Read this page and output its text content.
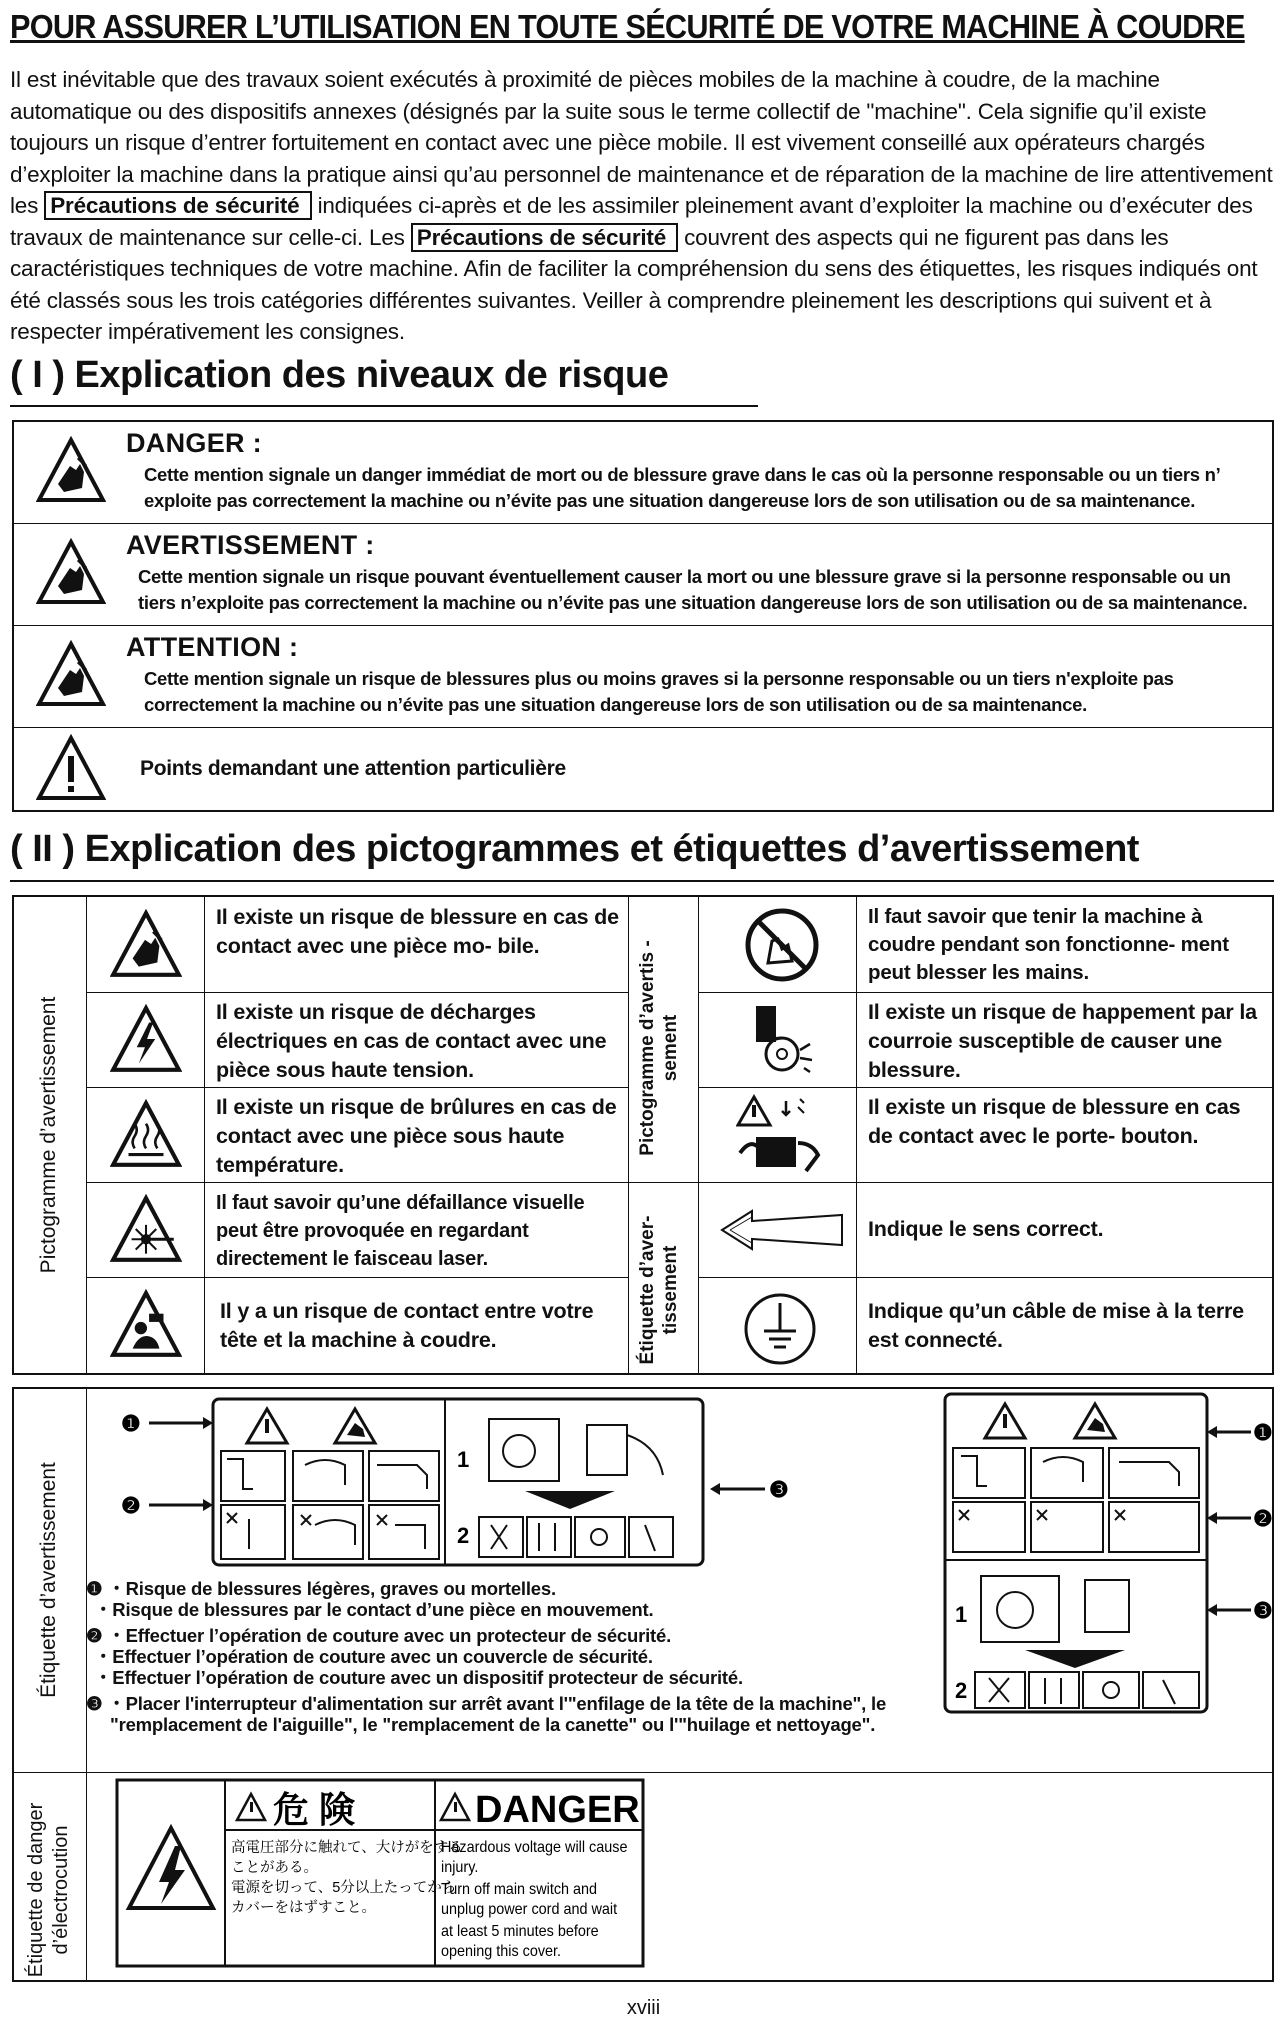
POUR ASSURER L’UTILISATION EN TOUTE SÉCURITÉ DE VOTRE MACHINE À COUDRE

Il est inévitable que des travaux soient exécutés à proximité de pièces mobiles de la machine à coudre, de la machine automatique ou des dispositifs annexes (désignés par la suite sous le terme collectif de "machine". Cela signifie qu’il existe toujours un risque d’entrer fortuitement en contact avec une pièce mobile. Il est vivement conseillé aux opérateurs chargés d’exploiter la machine dans la pratique ainsi qu’au personnel de maintenance et de réparation de la machine de lire attentivement les Précautions de sécurité indiquées ci-après et de les assimiler pleinement avant d’exploiter la machine ou d’exécuter des travaux de maintenance sur celle-ci. Les Précautions de sécurité couvrent des aspects qui ne figurent pas dans les caractéristiques techniques de votre machine. Afin de faciliter la compréhension du sens des étiquettes, les risques indiqués ont été classés sous les trois catégories différentes suivantes. Veiller à comprendre pleinement les descriptions qui suivent et à respecter impérativement les consignes.

( I ) Explication des niveaux de risque
DANGER :
Cette mention signale un danger immédiat de mort ou de blessure grave dans le cas où la personne responsable ou un tiers n’ exploite pas correctement la machine ou n’évite pas une situation dangereuse lors de son utilisation ou de sa maintenance.
AVERTISSEMENT :
Cette mention signale un risque pouvant éventuellement causer la mort ou une blessure grave si la personne responsable ou un tiers n’exploite pas correctement la machine ou n’évite pas une situation dangereuse lors de son utilisation ou de sa maintenance.
ATTENTION :
Cette mention signale un risque de blessures plus ou moins graves si la personne responsable ou un tiers n'exploite pas correctement la machine ou n’évite pas une situation dangereuse lors de son utilisation ou de sa maintenance.
Points demandant une attention particulière
( II ) Explication des pictogrammes et étiquettes d’avertissement
Pictogramme d’avertissement
Il existe un risque de blessure en cas de contact avec une pièce mo- bile.
Il existe un risque de décharges électriques en cas de contact avec une pièce sous haute tension.
Il existe un risque de brûlures en cas de contact avec une pièce sous haute température.
Il faut savoir qu’une défaillance visuelle peut être provoquée en regardant directement le faisceau laser.
Il y a un risque de contact entre votre tête et la machine à coudre.
Pictogramme d’avertis - sement
Étiquette d’aver- tissement
Il faut savoir que tenir la machine à coudre pendant son fonctionne- ment peut blesser les mains.
Il existe un risque de happement par la courroie susceptible de causer une blessure.
Il existe un risque de blessure en cas de contact avec le porte- bouton.
Indique le sens correct.
Indique qu’un câble de mise à la terre est connecté.
Étiquette d’avertissement
Étiquette de danger d’électrocution
❶
❷
❸
1
2
1
2
❶
❷
❸

❶ ・Risque de blessures légères, graves ou mortelles.

・Risque de blessures par le contact d’une pièce en mouvement.

❷ ・Effectuer l’opération de couture avec un protecteur de sécurité.

・Effectuer l’opération de couture avec un couvercle de sécurité.

・Effectuer l’opération de couture avec un dispositif protecteur de sécurité.

❸ ・Placer l'interrupteur d'alimentation sur arrêt avant l'"enfilage de la tête de la machine", le "remplacement de l'aiguille", le "remplacement de la canette" ou l'"huilage et nettoyage".

危 険	DANGER
高電圧部分に触れて、大けがをする
ことがある。
電源を切って、5分以上たってから
カバーをはずすこと。
Hazardous voltage will cause
injury.
Turn off main switch and
unplug power cord and wait
at least 5 minutes before
opening this cover.
xviii
